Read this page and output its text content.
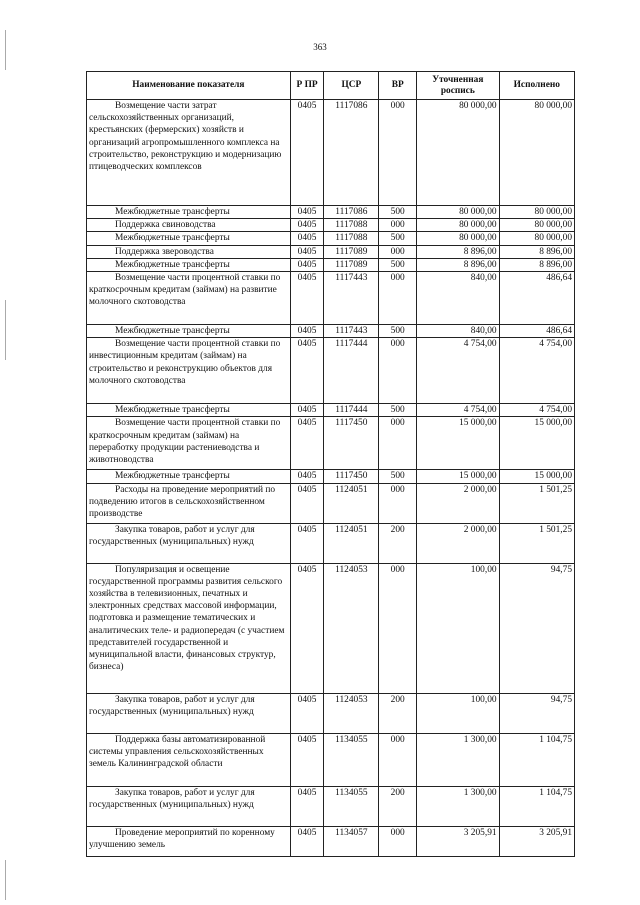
363
Наименование показателя	Р ПР	ЦСР	ВР	Уточненная роспись	Исполнено
Возмещение части затрат сельскохозяйственных организаций, крестьянских (фермерских) хозяйств и организаций агропромышленного комплекса на строительство, реконструкцию и модернизацию птицеводческих комплексов	0405	1117086	000	80 000,00	80 000,00
Межбюджетные трансферты	0405	1117086	500	80 000,00	80 000,00
Поддержка свиноводства	0405	1117088	000	80 000,00	80 000,00
Межбюджетные трансферты	0405	1117088	500	80 000,00	80 000,00
Поддержка звероводства	0405	1117089	000	8 896,00	8 896,00
Межбюджетные трансферты	0405	1117089	500	8 896,00	8 896,00
Возмещение части процентной ставки по краткосрочным кредитам (займам) на развитие молочного скотоводства	0405	1117443	000	840,00	486,64
Межбюджетные трансферты	0405	1117443	500	840,00	486,64
Возмещение части процентной ставки по инвестиционным кредитам (займам) на строительство и реконструкцию объектов для молочного скотоводства	0405	1117444	000	4 754,00	4 754,00
Межбюджетные трансферты	0405	1117444	500	4 754,00	4 754,00
Возмещение части процентной ставки по краткосрочным кредитам (займам) на переработку продукции растениеводства и животноводства	0405	1117450	000	15 000,00	15 000,00
Межбюджетные трансферты	0405	1117450	500	15 000,00	15 000,00
Расходы на проведение мероприятий по подведению итогов в сельскохозяйственном производстве	0405	1124051	000	2 000,00	1 501,25
Закупка товаров, работ и услуг для государственных (муниципальных) нужд	0405	1124051	200	2 000,00	1 501,25
Популяризация и освещение государственной программы развития сельского хозяйства в телевизионных, печатных и электронных средствах массовой информации, подготовка и размещение тематических и аналитических теле- и радиопередач (с участием представителей государственной и муниципальной власти, финансовых структур, бизнеса)	0405	1124053	000	100,00	94,75
Закупка товаров, работ и услуг для государственных (муниципальных) нужд	0405	1124053	200	100,00	94,75
Поддержка базы автоматизированной системы управления сельскохозяйственных земель Калининградской области	0405	1134055	000	1 300,00	1 104,75
Закупка товаров, работ и услуг для государственных (муниципальных) нужд	0405	1134055	200	1 300,00	1 104,75
Проведение мероприятий по коренному улучшению земель	0405	1134057	000	3 205,91	3 205,91
